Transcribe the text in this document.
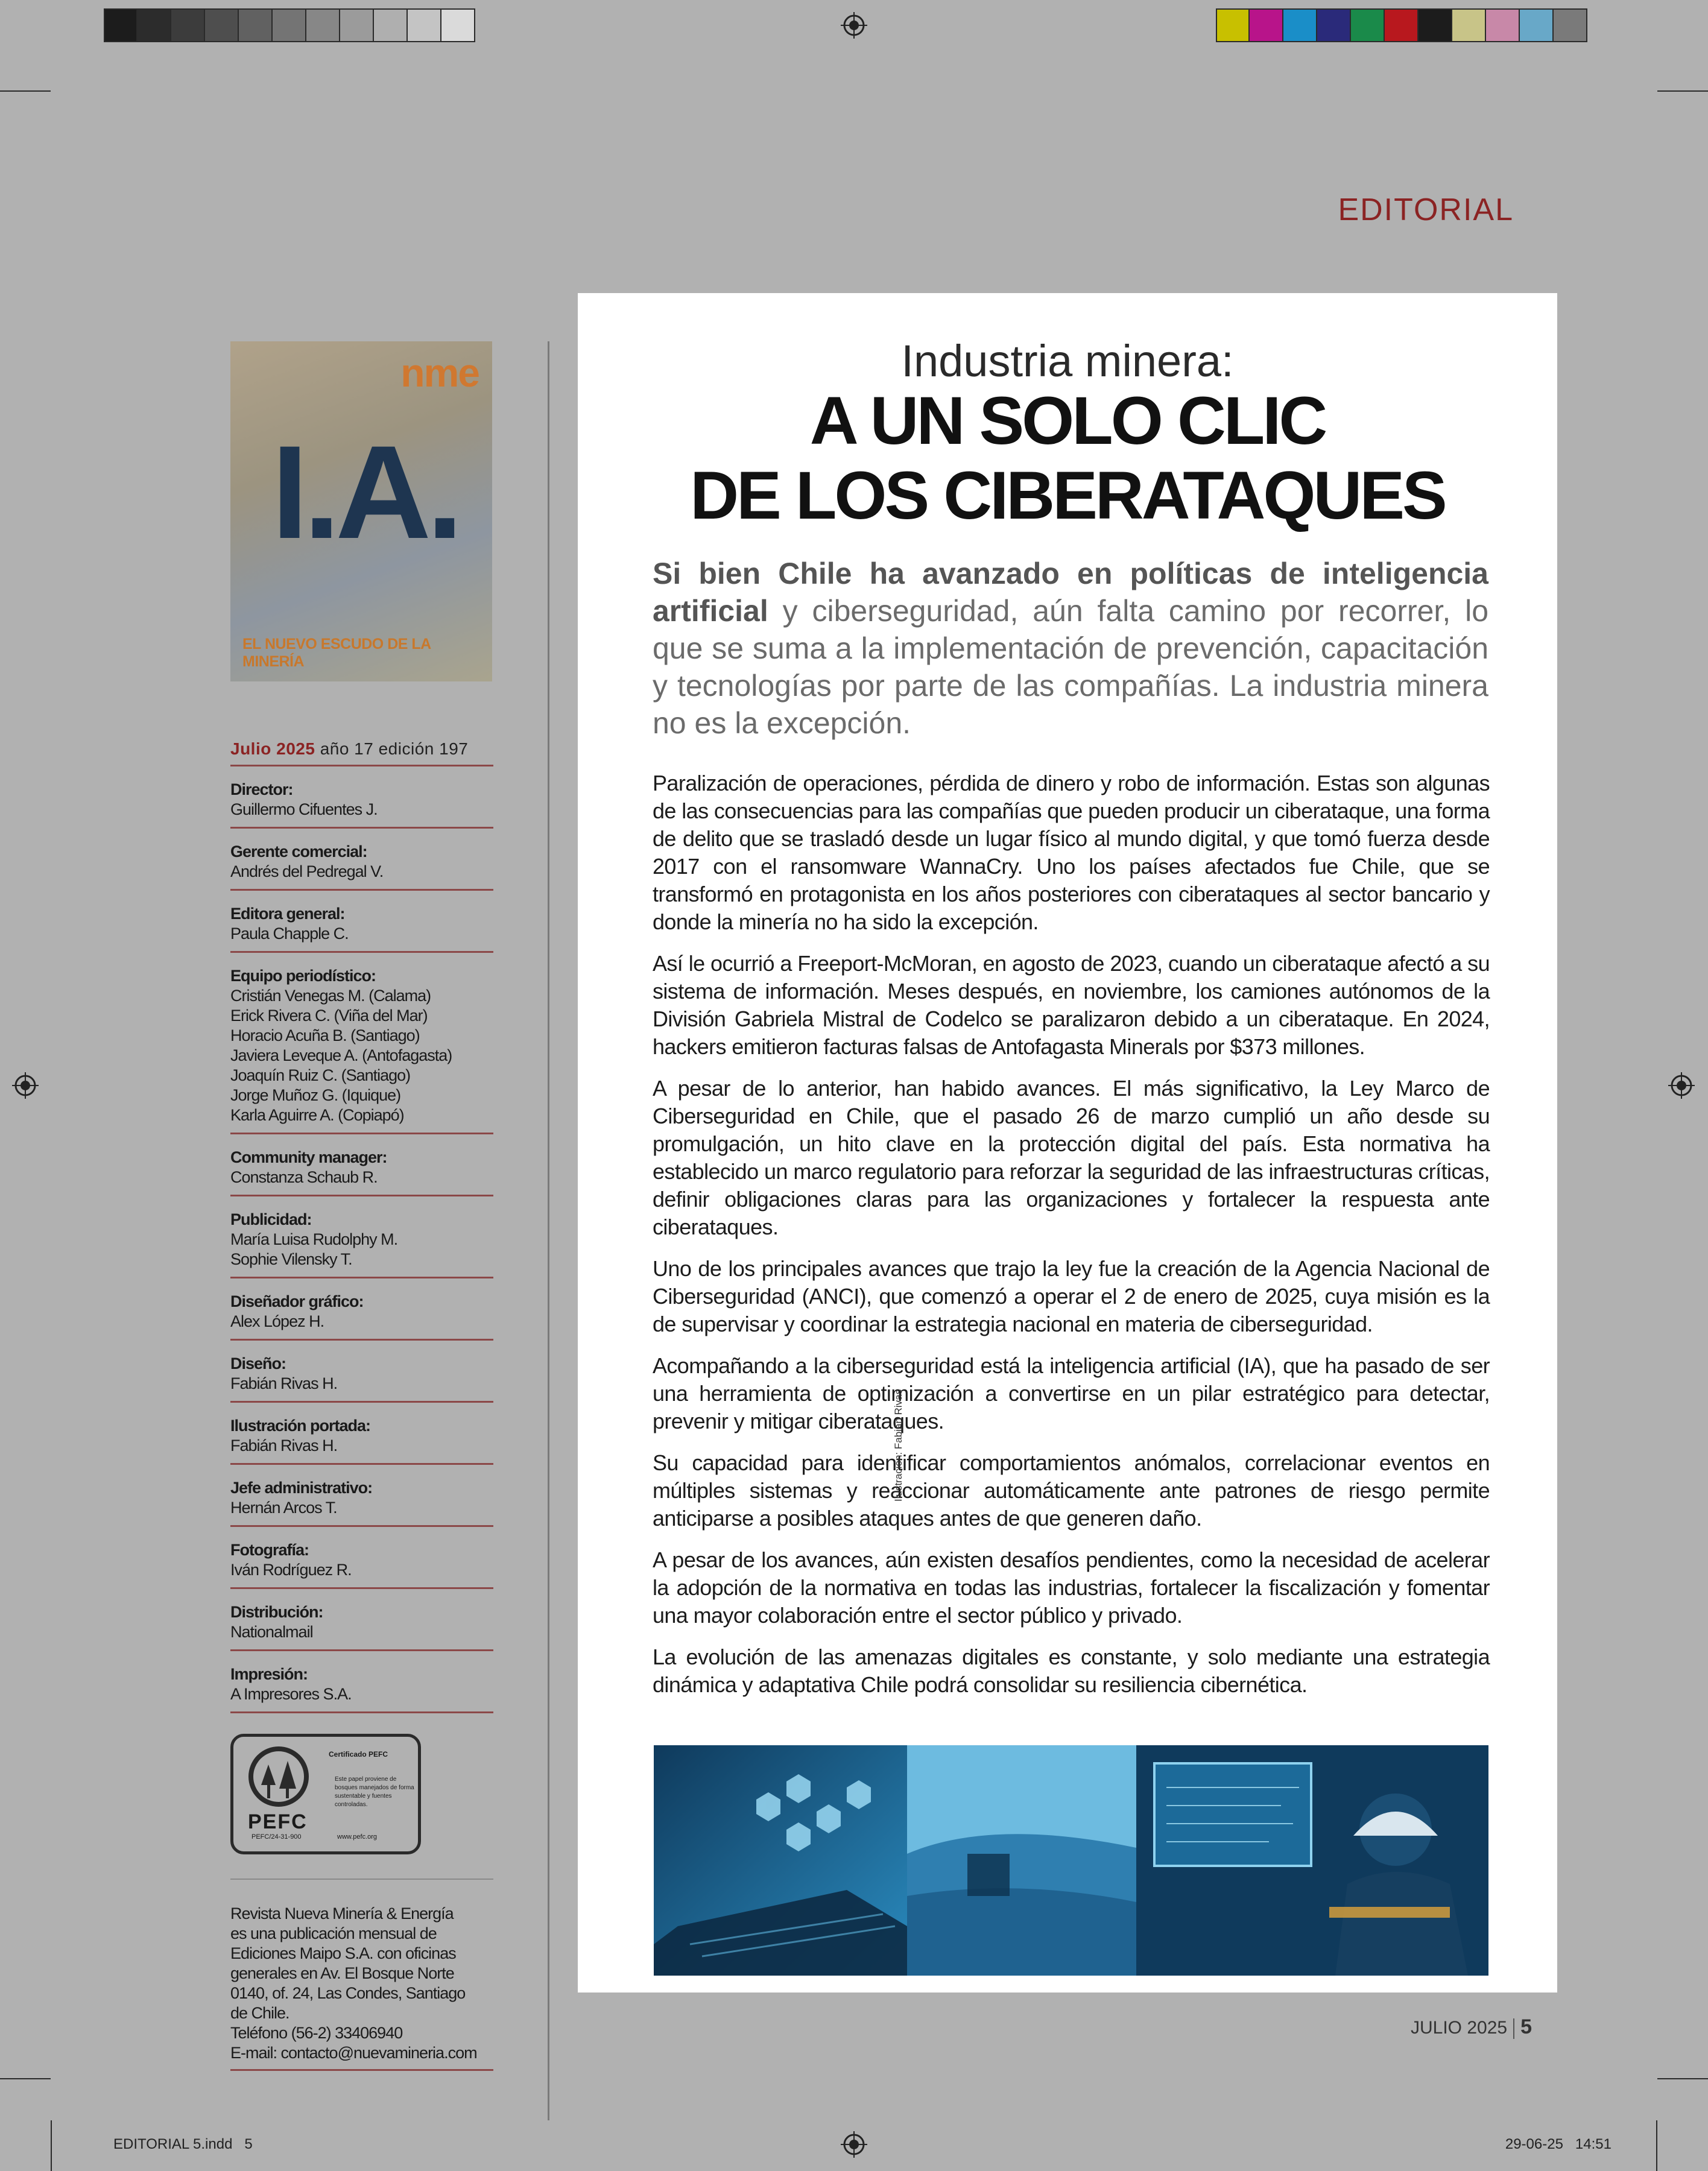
EDITORIAL
nme
I.A.
EL NUEVO ESCUDO DE LA MINERÍA
Julio 2025 año 17 edición 197
Director:
Guillermo Cifuentes J.
Gerente comercial:
Andrés del Pedregal V.
Editora general:
Paula Chapple C.
Equipo periodístico:
Cristián Venegas M. (Calama)
Erick Rivera C. (Viña del Mar)
Horacio Acuña B. (Santiago)
Javiera Leveque A. (Antofagasta)
Joaquín Ruiz C. (Santiago)
Jorge Muñoz G. (Iquique)
Karla Aguirre A. (Copiapó)
Community manager:
Constanza Schaub R.
Publicidad:
María Luisa Rudolphy M.
Sophie Vilensky T.
Diseñador gráfico:
Alex López H.
Diseño:
Fabián Rivas H.
Ilustración portada:
Fabián Rivas H.
Jefe administrativo:
Hernán Arcos T.
Fotografía:
Iván Rodríguez R.
Distribución:
Nationalmail
Impresión:
A Impresores S.A.
PEFC
Certificado PEFC
Este papel proviene de bosques manejados de forma sustentable y fuentes controladas.
PEFC/24-31-900	www.pefc.org
Revista Nueva Minería & Energía
es una publicación mensual de
Ediciones Maipo S.A. con oficinas
generales en Av. El Bosque Norte
0140, of. 24, Las Condes, Santiago
de Chile.
Teléfono (56-2) 33406940
E-mail: contacto@nuevamineria.com
Industria minera:
A UN SOLO CLIC
DE LOS CIBERATAQUES
Si bien Chile ha avanzado en políticas de inteligencia artificial y ciberseguridad, aún falta camino por recorrer, lo que se suma a la implementación de prevención, capacitación y tecnologías por parte de las compañías. La industria minera no es la excepción.

Paralización de operaciones, pérdida de dinero y robo de información. Estas son algunas de las consecuencias para las compañías que pueden producir un ciberataque, una forma de delito que se trasladó desde un lugar físico al mundo digital, y que tomó fuerza desde 2017 con el ransomware WannaCry. Uno los países afectados fue Chile, que se transformó en protagonista en los años posteriores con ciberataques al sector bancario y donde la minería no ha sido la excepción.

Así le ocurrió a Freeport-McMoran, en agosto de 2023, cuando un ciberataque afectó a su sistema de información. Meses después, en noviembre, los camiones autónomos de la División Gabriela Mistral de Codelco se paralizaron debido a un ciberataque. En 2024, hackers emitieron facturas falsas de Antofagasta Minerals por $373 millones.

A pesar de lo anterior, han habido avances. El más significativo, la Ley Marco de Ciberseguridad en Chile, que el pasado 26 de marzo cumplió un año desde su promulgación, un hito clave en la protección digital del país. Esta normativa ha establecido un marco regulatorio para reforzar la seguridad de las infraestructuras críticas, definir obligaciones claras para las organizaciones y fortalecer la respuesta ante ciberataques.

Uno de los principales avances que trajo la ley fue la creación de la Agencia Nacional de Ciberseguridad (ANCI), que comenzó a operar el 2 de enero de 2025, cuya misión es la de supervisar y coordinar la estrategia nacional en materia de ciberseguridad.

Acompañando a la ciberseguridad está la inteligencia artificial (IA), que ha pasado de ser una herramienta de optimización a convertirse en un pilar estratégico para detectar, prevenir y mitigar ciberataques.

Su capacidad para identificar comportamientos anómalos, correlacionar eventos en múltiples sistemas y reaccionar automáticamente ante patrones de riesgo permite anticiparse a posibles ataques antes de que generen daño.

A pesar de los avances, aún existen desafíos pendientes, como la necesidad de acelerar la adopción de la normativa en todas las industrias, fortalecer la fiscalización y fomentar una mayor colaboración entre el sector público y privado.

La evolución de las amenazas digitales es constante, y solo mediante una estrategia dinámica y adaptativa Chile podrá consolidar su resiliencia cibernética.

Ilustración: Fabián Rivas
JULIO 2025 5
EDITORIAL 5.indd   5	29-06-25   14:51
